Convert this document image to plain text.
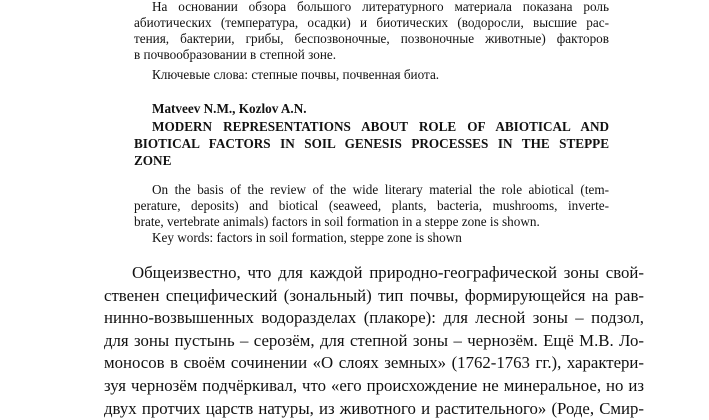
На основании обзора большого литературного материала показана роль
абиотических (температура, осадки) и биотических (водоросли, высшие рас-
тения, бактерии, грибы, беспозвоночные, позвоночные животные) факторов
в почвообразовании в степной зоне.
Ключевые слова: степные почвы, почвенная биота.
Matveev N.M., Kozlov A.N.
MODERN REPRESENTATIONS ABOUT ROLE OF ABIOTICAL AND
BIOTICAL FACTORS IN SOIL GENESIS PROCESSES IN THE STEPPE
ZONE
On the basis of the review of the wide literary material the role abiotical (tem-
perature, deposits) and biotical (seaweed, plants, bacteria, mushrooms, inverte-
brate, vertebrate animals) factors in soil formation in a steppe zone is shown.
Key words: factors in soil formation, steppe zone is shown
Общеизвестно, что для каждой природно-географической зоны свой-
ственен специфический (зональный) тип почвы, формирующейся на рав-
нинно-возвышенных водоразделах (плакоре): для лесной зоны – подзол,
для зоны пустынь – серозём, для степной зоны – чернозём. Ещё М.В. Ло-
моносов в своём сочинении «О слоях земных» (1762-1763 гг.), характери-
зуя чернозём подчёркивал, что «его происхождение не минеральное, но из
двух протчих царств натуры, из животного и растительного» (Роде, Смир-
